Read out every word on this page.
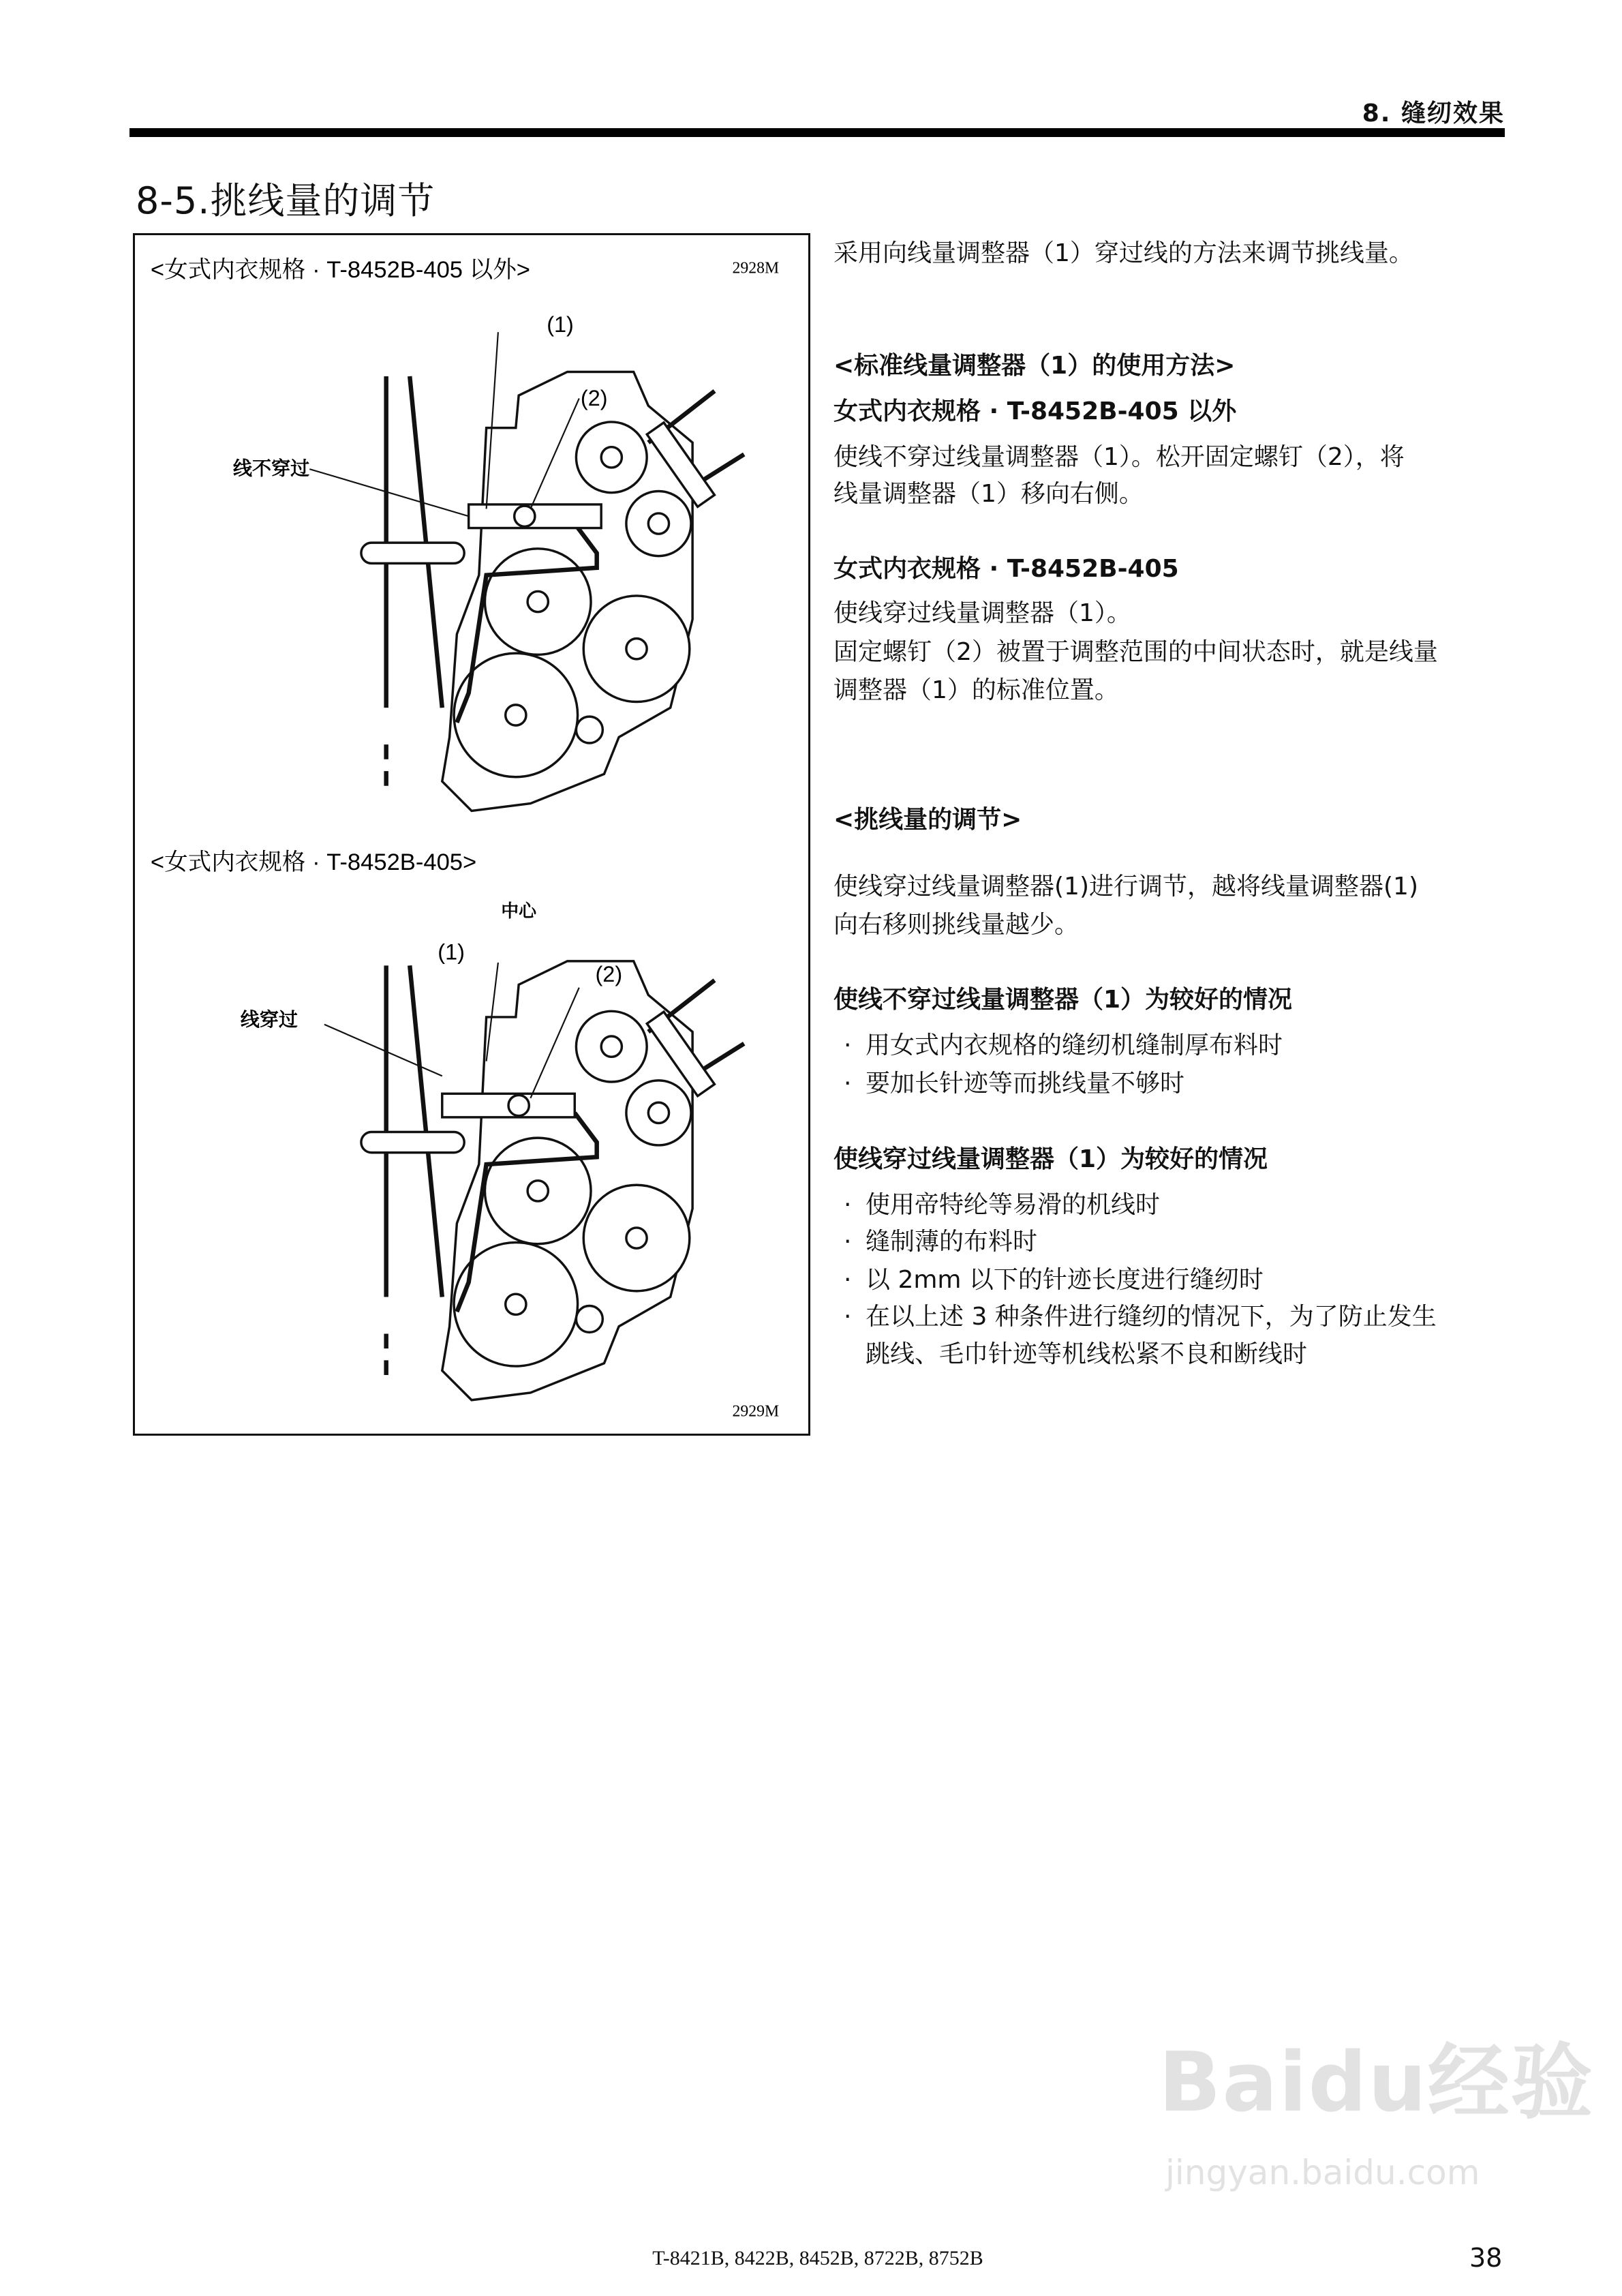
8. 缝纫效果
8-5.挑线量的调节
<女式内衣规格 · T-8452B-405 以外>	2928M
(1)
(2)
线不穿过
<女式内衣规格 · T-8452B-405>
中心
(1)
(2)
线穿过
2929M
采用向线量调整器（1）穿过线的方法来调节挑线量。
<标准线量调整器（1）的使用方法>
女式内衣规格 · T-8452B-405 以外
使线不穿过线量调整器（1）。松开固定螺钉（2），将
线量调整器（1）移向右侧。
女式内衣规格 · T-8452B-405
使线穿过线量调整器（1）。
固定螺钉（2）被置于调整范围的中间状态时，就是线量
调整器（1）的标准位置。
<挑线量的调节>
使线穿过线量调整器(1)进行调节，越将线量调整器(1)
向右移则挑线量越少。
使线不穿过线量调整器（1）为较好的情况
· 用女式内衣规格的缝纫机缝制厚布料时
· 要加长针迹等而挑线量不够时
使线穿过线量调整器（1）为较好的情况
· 使用帝特纶等易滑的机线时
· 缝制薄的布料时
· 以 2mm 以下的针迹长度进行缝纫时
· 在以上述 3 种条件进行缝纫的情况下，为了防止发生
跳线、毛巾针迹等机线松紧不良和断线时
Baidu经验
jingyan.baidu.com
T-8421B, 8422B, 8452B, 8722B, 8752B	38
